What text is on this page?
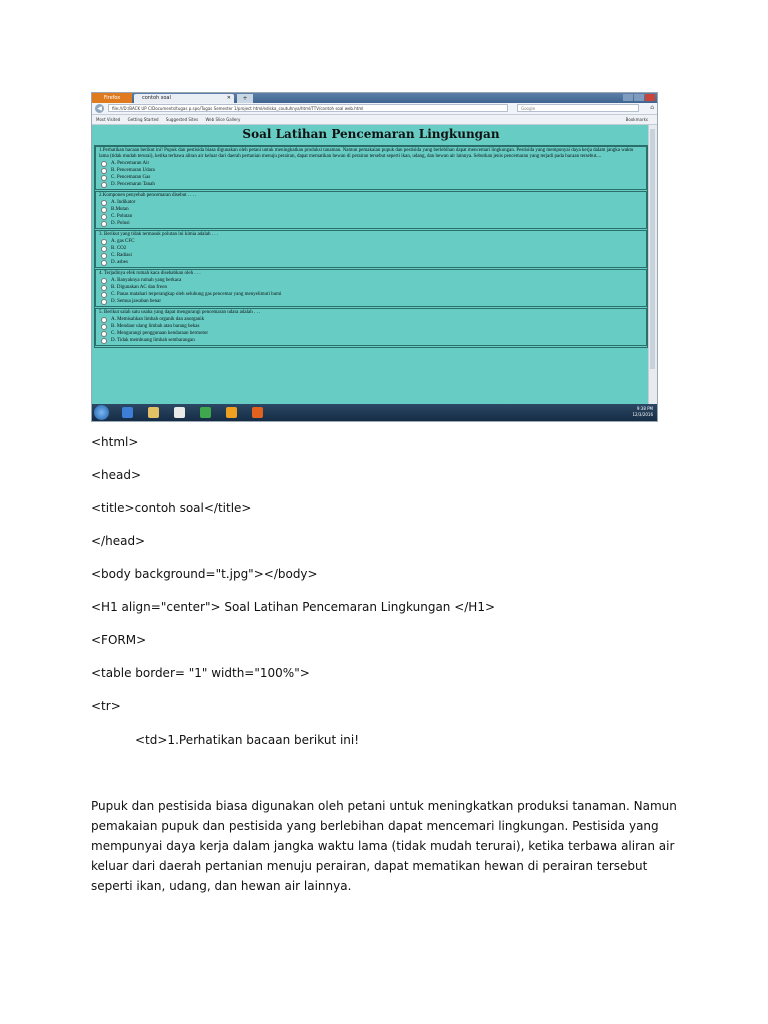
Firefox	contoh soal	✕	+
◀	file:///D:/BACK UP C/Documents/tugas p.spo/Tugas Semester 1/project html/ediska_coutuhnya/html/TTV/contoh soal web.html	Google	⌂
Most Visited Getting Started Suggested Sites Web Slice Gallery	Bookmarks
Soal Latihan Pencemaran Lingkungan
1.Perhatikan bacaan berikut ini! Pupuk dan pestisida biasa digunakan oleh petani untuk meningkatkan produksi tanaman. Namun pemakaian pupuk dan pestisida yang berlebihan dapat mencemari lingkungan. Pestisida yang mempunyai daya kerja dalam jangka waktu lama (tidak mudah terurai), ketika terbawa aliran air keluar dari daerah pertanian menuju perairan, dapat mematikan hewan di perairan tersebut seperti ikan, udang, dan hewan air lainnya. Sebutkan jenis pencemaran yang terjadi pada bacaan tersebut....
A. Pencemaran Air
B. Pencemaran Udara
C. Pencemaran Gas
D. Pencemaran Tanah
2.Komponen penyebab pencemaran disebut . . . .
A. Indikator
B.Mutan
C. Polutan
D. Polusi
3. Berikut yang tidak termasuk polutan ini kimia adalah . . .
A. gas CFC
B. CO2
C. Radiasi
D. asbes
4. Terjadinya efek rumah kaca disebabkan oleh . . .
A. Banyaknya rumah yang berkaca
B. Digunakan AC dan freon
C. Panas matahari terperangkap oleh selubung gas pencemar yang menyelimuti bumi
D. Semua jawaban benar
5. Berikut salah satu usaha yang dapat mengurangi pencemaran udara adalah . . .
A. Memisahkan limbah organik dan anorganik
B. Mendaur ulang limbah atau barang bekas
C. Mengurangi penggunaan kendaraan bermotor
D. Tidak membuang limbah sembarangan
9:38 PM
12/3/2016

<html>

<head>

<title>contoh soal</title>

</head>

<body background="t.jpg"></body>

<H1 align="center"> Soal Latihan Pencemaran Lingkungan </H1>

<FORM>

<table border= "1" width="100%">

<tr>

<td>1.Perhatikan bacaan berikut ini!

Pupuk dan pestisida biasa digunakan oleh petani untuk meningkatkan produksi tanaman. Namun pemakaian pupuk dan pestisida yang berlebihan dapat mencemari lingkungan. Pestisida yang mempunyai daya kerja dalam jangka waktu lama (tidak mudah terurai), ketika terbawa aliran air keluar dari daerah pertanian menuju perairan, dapat mematikan hewan di perairan tersebut seperti ikan, udang, dan hewan air lainnya.
